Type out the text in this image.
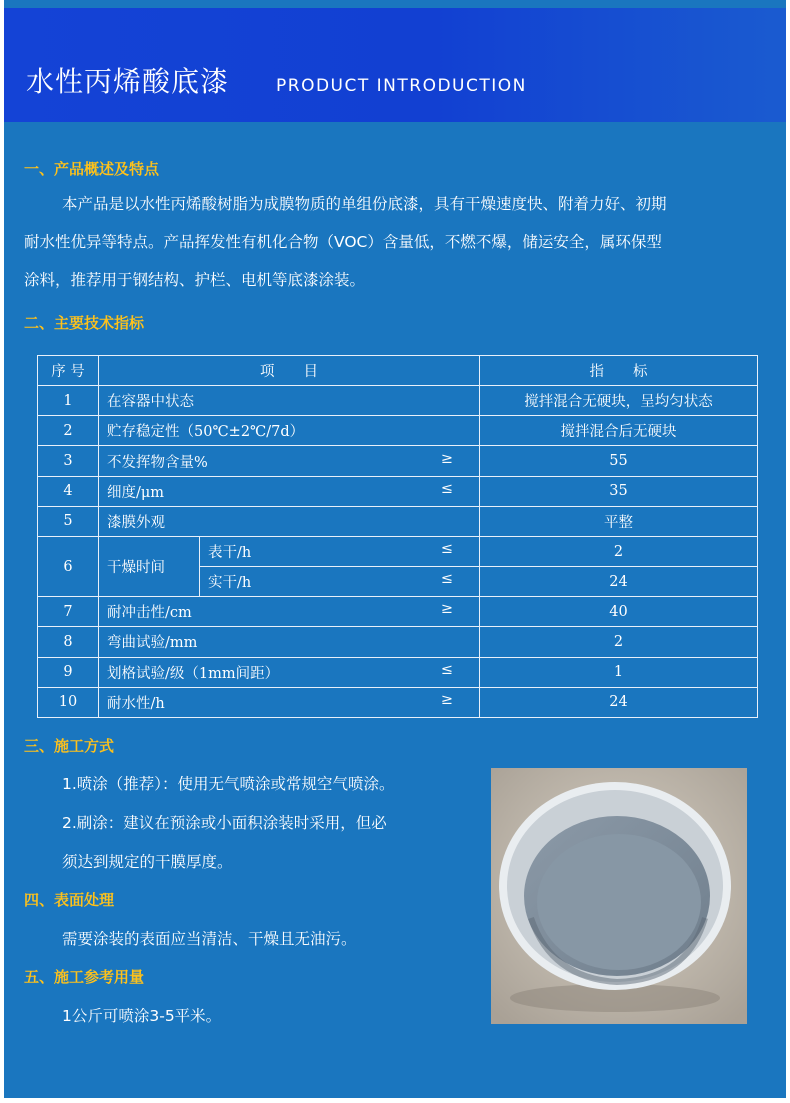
水性丙烯酸底漆	PRODUCT INTRODUCTION
一、产品概述及特点
本产品是以水性丙烯酸树脂为成膜物质的单组份底漆，具有干燥速度快、附着力好、初期
耐水性优异等特点。产品挥发性有机化合物（VOC）含量低，不燃不爆，储运安全，属环保型
涂料，推荐用于钢结构、护栏、电机等底漆涂装。
二、主要技术指标
序 号	项　　目		指　　标
1	在容器中状态		搅拌混合无硬块，呈均匀状态
2	贮存稳定性（50℃±2℃/7d）		搅拌混合后无硬块
3	不发挥物含量% ≥		55
4	细度/μm ≤		35
5	漆膜外观		平整
6	干燥时间	表干/h ≤	2
		实干/h ≤	24
7	耐冲击性/cm ≥		40
8	弯曲试验/mm		2
9	划格试验/级（1mm间距） ≤		1
10	耐水性/h ≥		24
三、施工方式
1.喷涂（推荐）：使用无气喷涂或常规空气喷涂。
2.刷涂：建议在预涂或小面积涂装时采用，但必
须达到规定的干膜厚度。
四、表面处理
需要涂装的表面应当清洁、干燥且无油污。
五、施工参考用量
1公斤可喷涂3-5平米。
